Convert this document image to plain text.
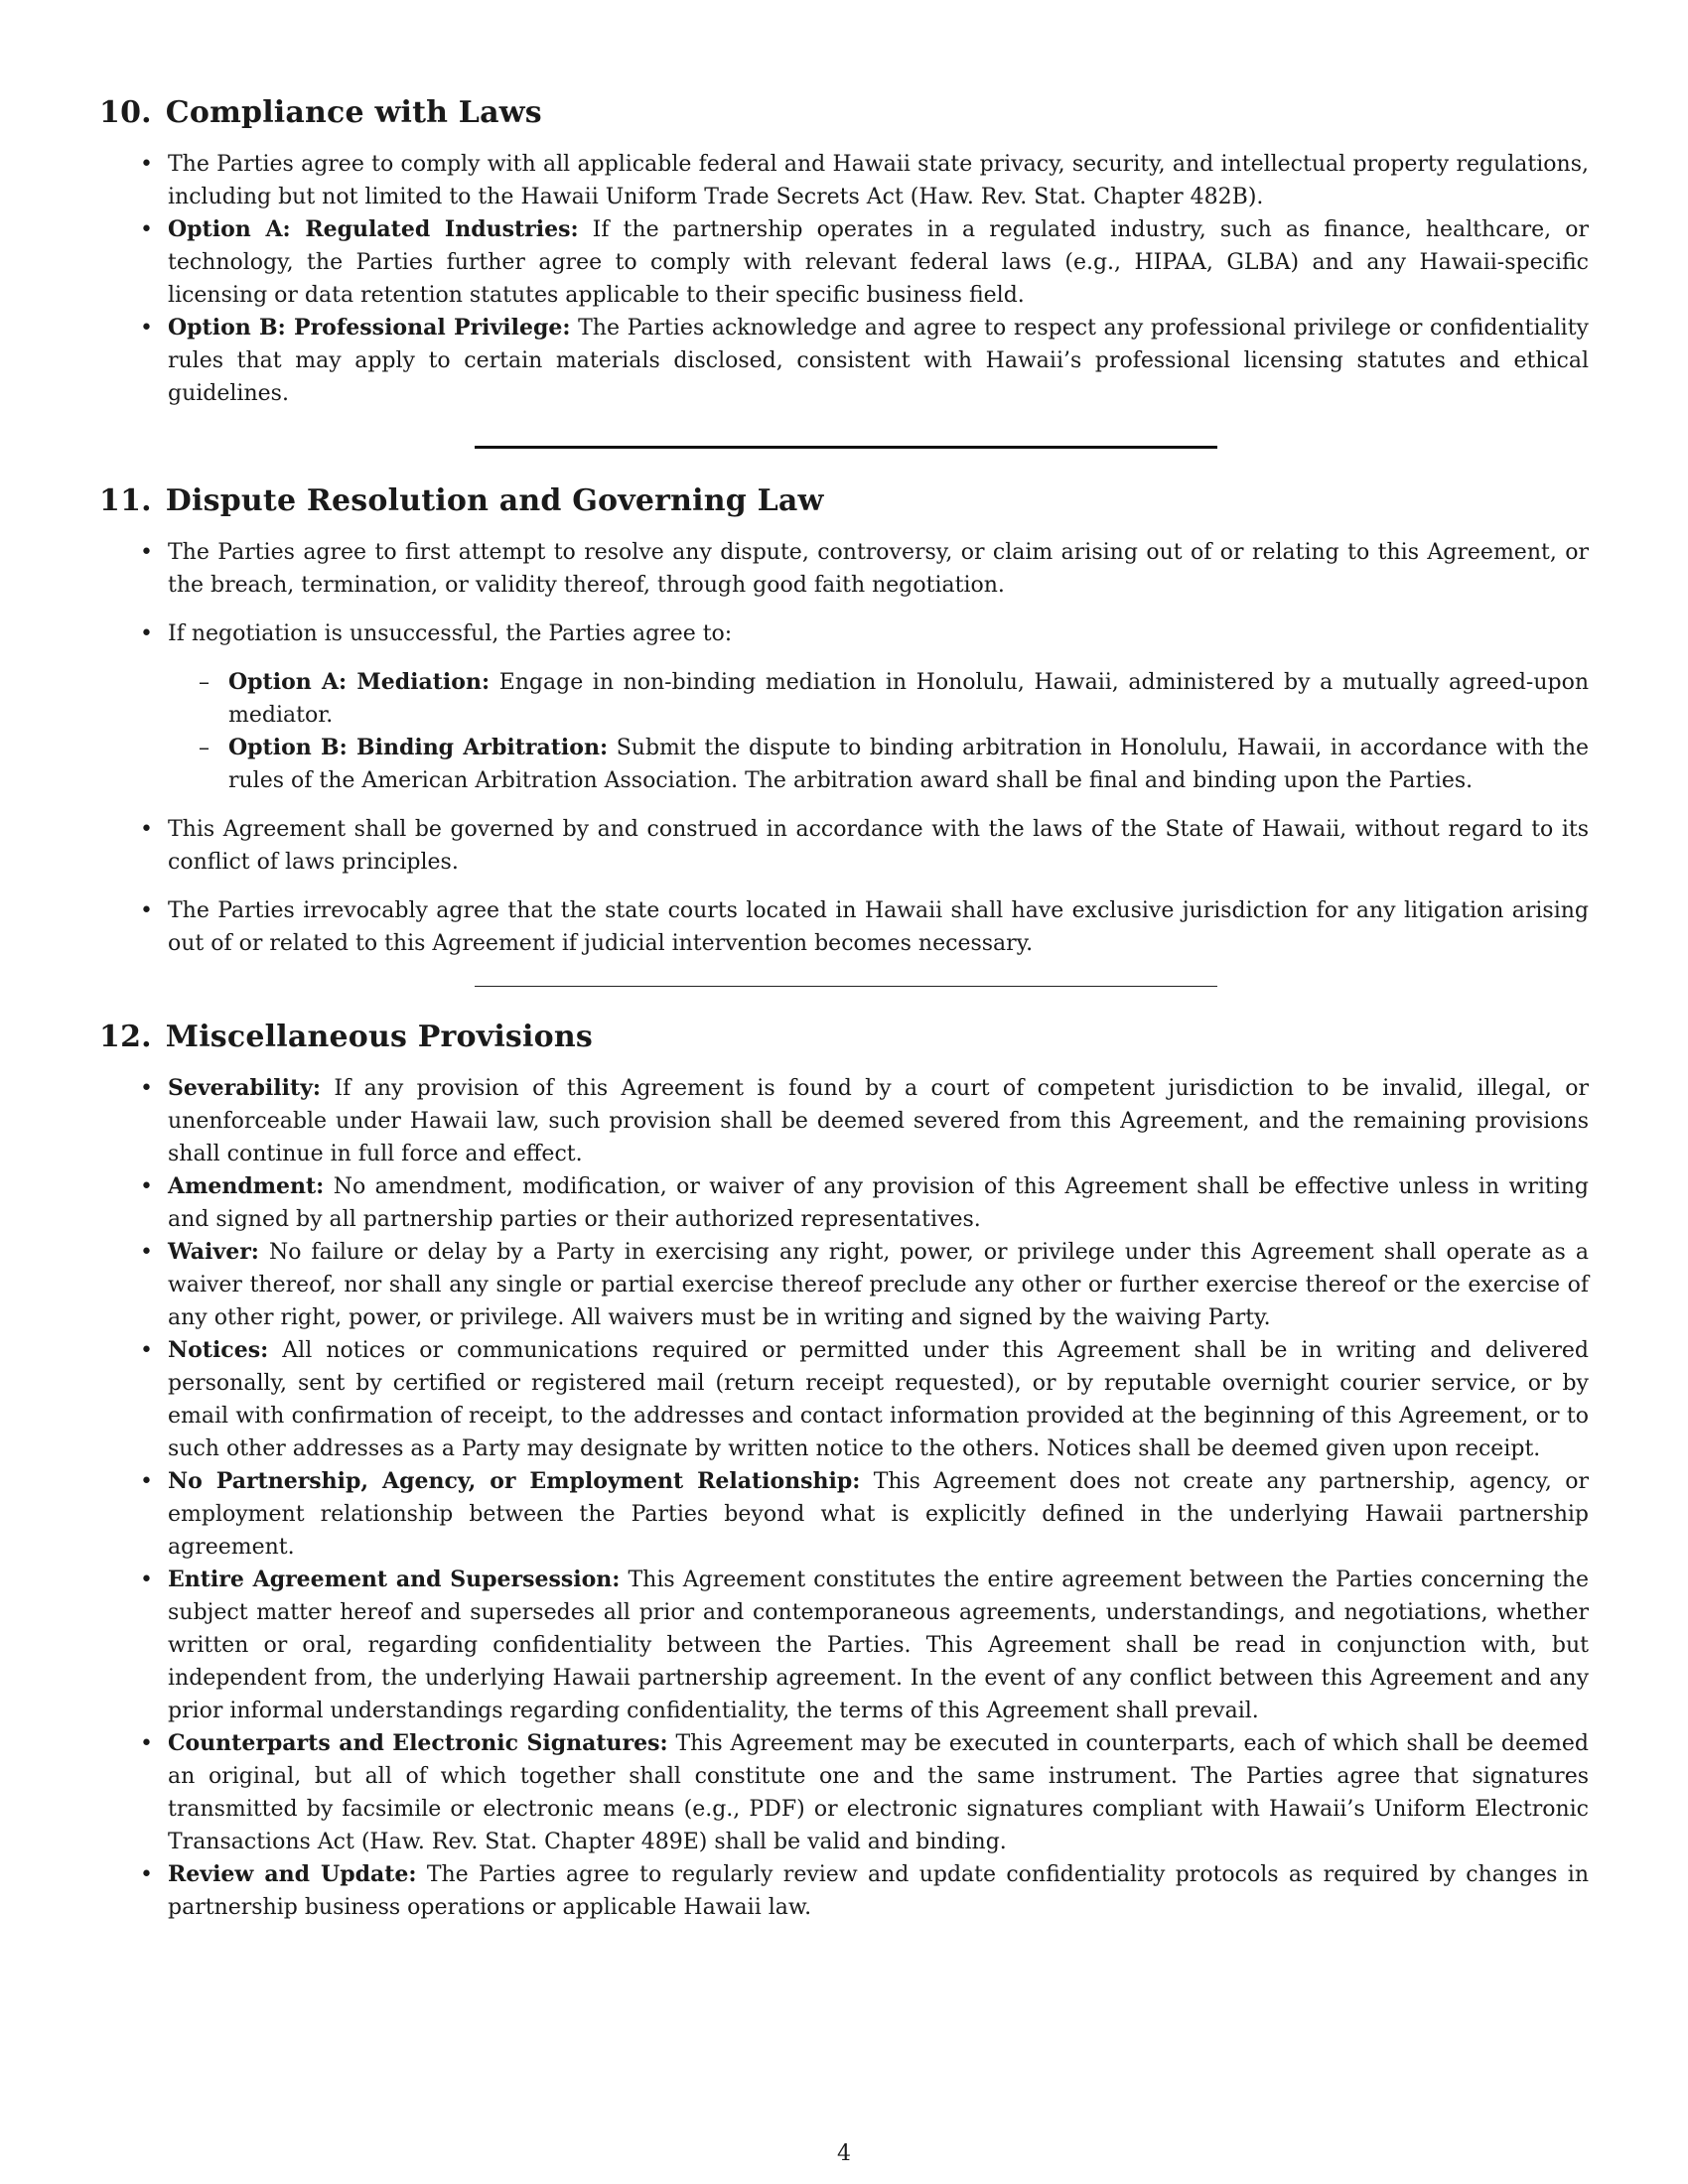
10. Compliance with Laws
• The Parties agree to comply with all applicable federal and Hawaii state privacy, security, and intellectual property regulations, including but not limited to the Hawaii Uniform Trade Secrets Act (Haw. Rev. Stat. Chapter 482B).
• Option A: Regulated Industries: If the partnership operates in a regulated industry, such as finance, healthcare, or technology, the Parties further agree to comply with relevant federal laws (e.g., HIPAA, GLBA) and any Hawaii-specific licensing or data retention statutes applicable to their specific business field.
• Option B: Professional Privilege: The Parties acknowledge and agree to respect any professional privilege or confidentiality rules that may apply to certain materials disclosed, consistent with Hawaii’s professional licensing statutes and ethical guidelines.
11. Dispute Resolution and Governing Law
• The Parties agree to first attempt to resolve any dispute, controversy, or claim arising out of or relating to this Agreement, or the breach, termination, or validity thereof, through good faith negotiation.
• If negotiation is unsuccessful, the Parties agree to:
– Option A: Mediation: Engage in non-binding mediation in Honolulu, Hawaii, administered by a mutually agreed-upon mediator.
– Option B: Binding Arbitration: Submit the dispute to binding arbitration in Honolulu, Hawaii, in accordance with the rules of the American Arbitration Association. The arbitration award shall be final and binding upon the Parties.
• This Agreement shall be governed by and construed in accordance with the laws of the State of Hawaii, without regard to its conflict of laws principles.
• The Parties irrevocably agree that the state courts located in Hawaii shall have exclusive jurisdiction for any litigation arising out of or related to this Agreement if judicial intervention becomes necessary.
12. Miscellaneous Provisions
• Severability: If any provision of this Agreement is found by a court of competent jurisdiction to be invalid, illegal, or unenforceable under Hawaii law, such provision shall be deemed severed from this Agreement, and the remaining provisions shall continue in full force and effect.
• Amendment: No amendment, modification, or waiver of any provision of this Agreement shall be effective unless in writing and signed by all partnership parties or their authorized representatives.
• Waiver: No failure or delay by a Party in exercising any right, power, or privilege under this Agreement shall operate as a waiver thereof, nor shall any single or partial exercise thereof preclude any other or further exercise thereof or the exercise of any other right, power, or privilege. All waivers must be in writing and signed by the waiving Party.
• Notices: All notices or communications required or permitted under this Agreement shall be in writing and delivered personally, sent by certified or registered mail (return receipt requested), or by reputable overnight courier service, or by email with confirmation of receipt, to the addresses and contact information provided at the beginning of this Agreement, or to such other addresses as a Party may designate by written notice to the others. Notices shall be deemed given upon receipt.
• No Partnership, Agency, or Employment Relationship: This Agreement does not create any partnership, agency, or employment relationship between the Parties beyond what is explicitly defined in the underlying Hawaii partnership agreement.
• Entire Agreement and Supersession: This Agreement constitutes the entire agreement between the Parties concerning the subject matter hereof and supersedes all prior and contemporaneous agreements, understandings, and negotiations, whether written or oral, regarding confidentiality between the Parties. This Agreement shall be read in conjunction with, but independent from, the underlying Hawaii partnership agreement. In the event of any conflict between this Agreement and any prior informal understandings regarding confidentiality, the terms of this Agreement shall prevail.
• Counterparts and Electronic Signatures: This Agreement may be executed in counterparts, each of which shall be deemed an original, but all of which together shall constitute one and the same instrument. The Parties agree that signatures transmitted by facsimile or electronic means (e.g., PDF) or electronic signatures compliant with Hawaii’s Uniform Electronic Transactions Act (Haw. Rev. Stat. Chapter 489E) shall be valid and binding.
• Review and Update: The Parties agree to regularly review and update confidentiality protocols as required by changes in partnership business operations or applicable Hawaii law.
4
